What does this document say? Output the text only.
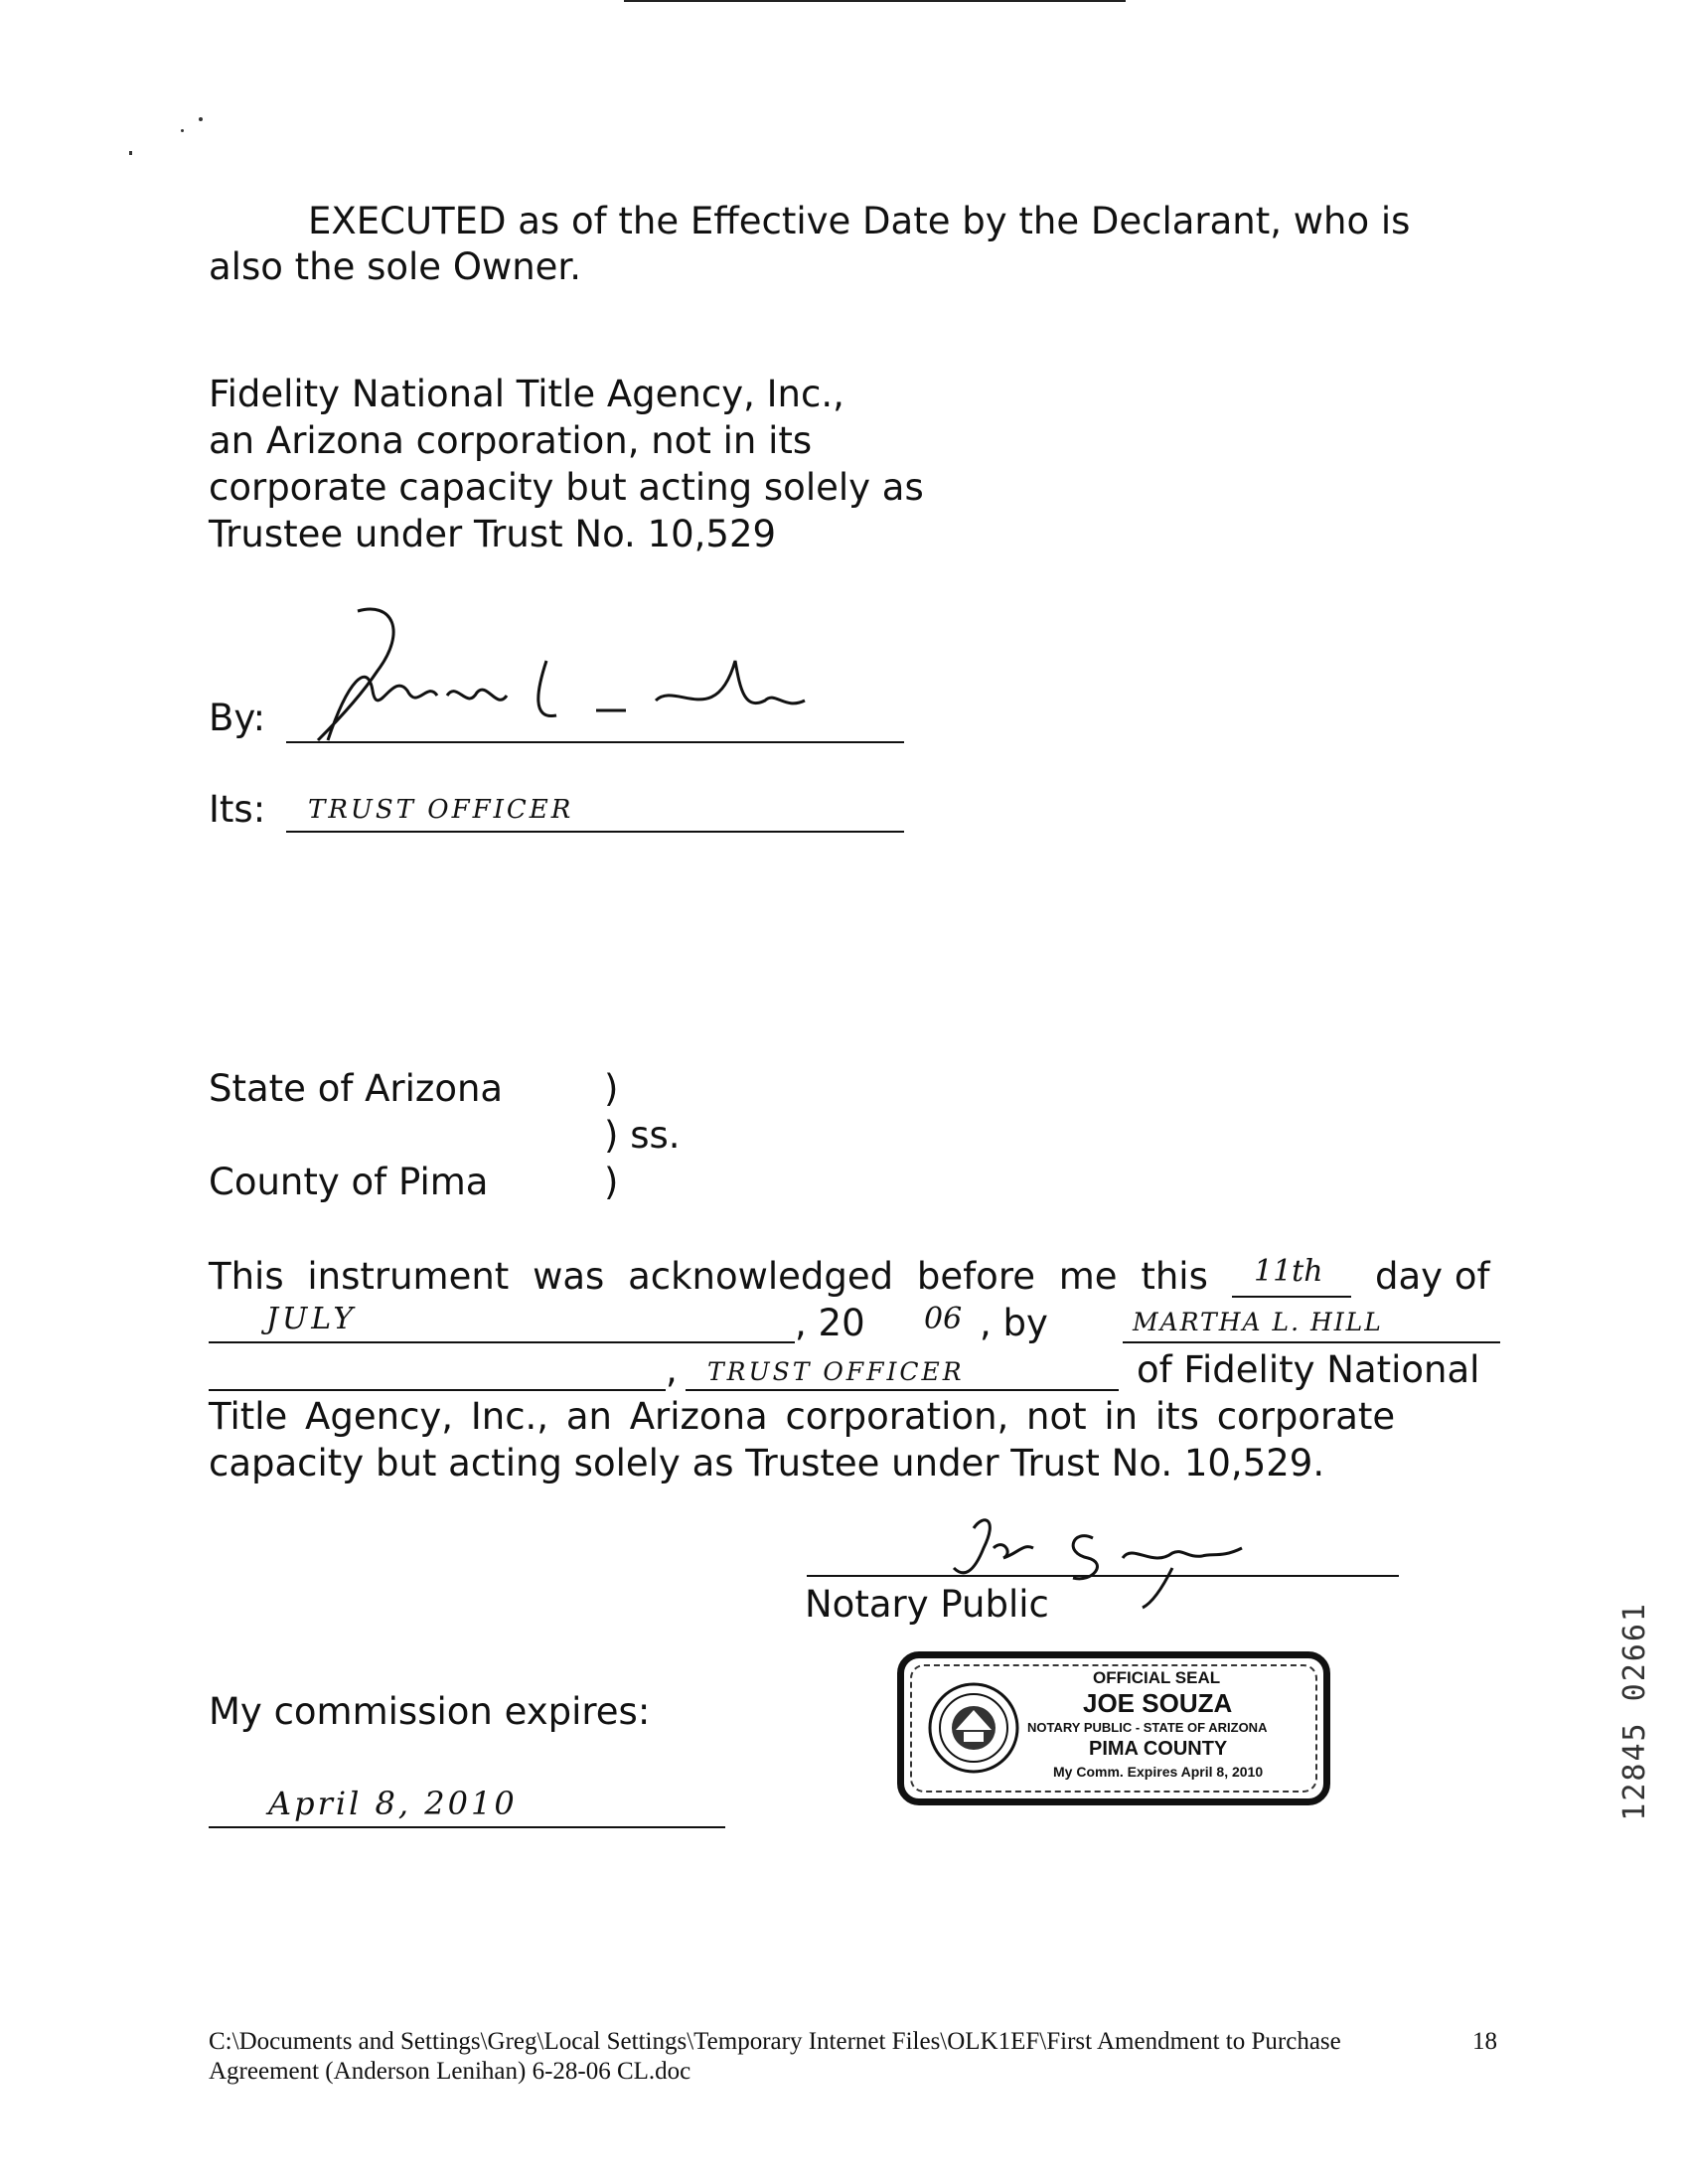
EXECUTED as of the Effective Date by the Declarant, who is
also the sole Owner.
Fidelity National Title Agency, Inc.,
an Arizona corporation, not in its
corporate capacity but acting solely as
Trustee under Trust No. 10,529
By:
Its: TRUST OFFICER
State of Arizona	)
) ss.
County of Pima	)
This instrument was acknowledged before me this	11th day of
JULY	, 20 06 , by	MARTHA L. HILL
, TRUST OFFICER	of Fidelity National
Title Agency, Inc., an Arizona corporation, not in its corporate
capacity but acting solely as Trustee under Trust No. 10,529.
Notary Public
My commission expires:
April 8, 2010
OFFICIAL SEAL
JOE SOUZA
NOTARY PUBLIC - STATE OF ARIZONA
PIMA COUNTY
My Comm. Expires April 8, 2010	12845 02661
C:\Documents and Settings\Greg\Local Settings\Temporary Internet Files\OLK1EF\First Amendment to Purchase	18
Agreement (Anderson Lenihan) 6-28-06 CL.doc
